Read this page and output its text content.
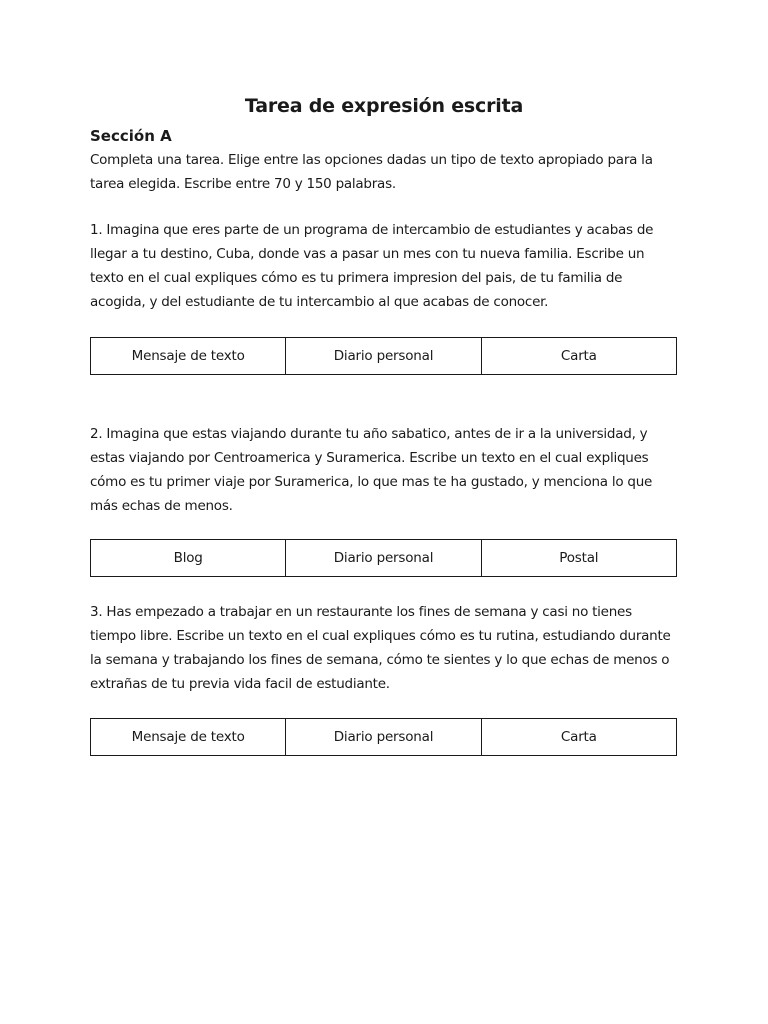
Tarea de expresión escrita
Sección A

Completa una tarea. Elige entre las opciones dadas un tipo de texto apropiado para la tarea elegida. Escribe entre 70 y 150 palabras.

1. Imagina que eres parte de un programa de intercambio de estudiantes y acabas de llegar a tu destino, Cuba, donde vas a pasar un mes con tu nueva familia. Escribe un texto en el cual expliques cómo es tu primera impresion del pais, de tu familia de acogida, y del estudiante de tu intercambio al que acabas de conocer.

Mensaje de texto	Diario personal	Carta

2. Imagina que estas viajando durante tu año sabatico, antes de ir a la universidad, y estas viajando por Centroamerica y Suramerica. Escribe un texto en el cual expliques cómo es tu primer viaje por Suramerica, lo que mas te ha gustado, y menciona lo que más echas de menos.

Blog	Diario personal	Postal

3. Has empezado a trabajar en un restaurante los fines de semana y casi no tienes tiempo libre. Escribe un texto en el cual expliques cómo es tu rutina, estudiando durante la semana y trabajando los fines de semana, cómo te sientes y lo que echas de menos o extrañas de tu previa vida facil de estudiante.

Mensaje de texto	Diario personal	Carta
